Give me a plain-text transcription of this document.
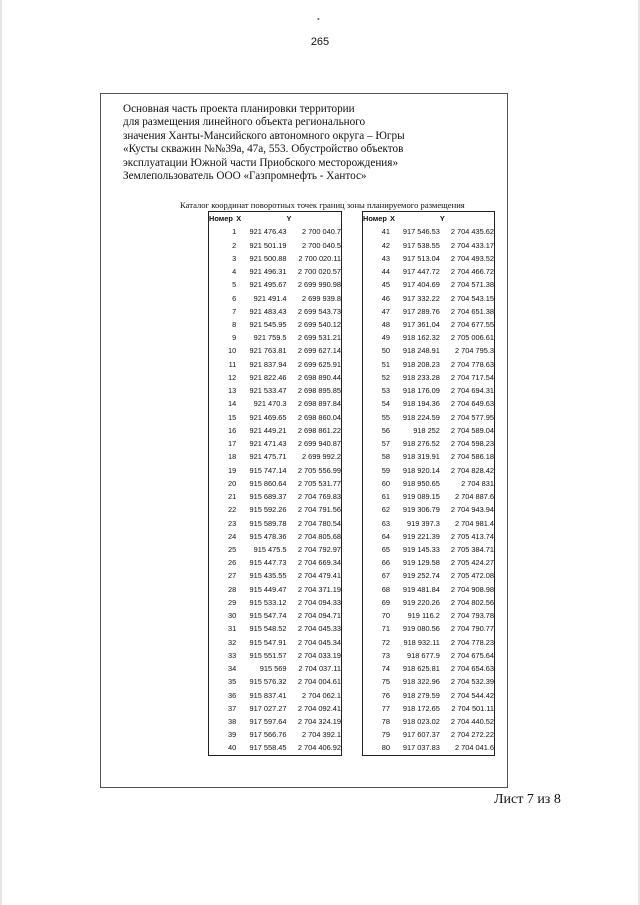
•
265
Основная часть проекта планировки территории
для размещения линейного объекта регионального
значения Ханты-Мансийского автономного округа – Югры
«Кусты скважин №№39а, 47а, 553. Обустройство объектов
эксплуатации Южной части Приобского месторождения»
Землепользователь ООО «Газпромнефть - Хантос»
Каталог координат поворотных точек границ зоны планируемого размещения
Номер	X	Y
1	921 476.43	2 700 040.7
2	921 501.19	2 700 040.5
3	921 500.88	2 700 020.11
4	921 496.31	2 700 020.57
5	921 495.67	2 699 990.98
6	921 491.4	2 699 939.8
7	921 483.43	2 699 543.73
8	921 545.95	2 699 540.12
9	921 759.5	2 699 531.21
10	921 763.81	2 699 627.14
11	921 837.94	2 699 625.91
12	921 822.46	2 698 890.44
13	921 533.47	2 698 895.85
14	921 470.3	2 698 897.84
15	921 469.65	2 698 860.04
16	921 449.21	2 698 861.22
17	921 471.43	2 699 940.87
18	921 475.71	2 699 992.2
19	915 747.14	2 705 556.99
20	915 860.64	2 705 531.77
21	915 689.37	2 704 769.83
22	915 592.26	2 704 791.56
23	915 589.78	2 704 780.54
24	915 478.36	2 704 805.68
25	915 475.5	2 704 792.97
26	915 447.73	2 704 669.34
27	915 435.55	2 704 479.41
28	915 449.47	2 704 371.19
29	915 533.12	2 704 094.33
30	915 547.74	2 704 094.71
31	915 548.52	2 704 045.33
32	915 547.91	2 704 045.34
33	915 551.57	2 704 033.19
34	915 569	2 704 037.11
35	915 576.32	2 704 004.61
36	915 837.41	2 704 062.1
37	917 027.27	2 704 092.41
38	917 597.64	2 704 324.19
39	917 566.76	2 704 392.1
40	917 558.45	2 704 406.92
Номер	X	Y
41	917 546.53	2 704 435.62
42	917 538.55	2 704 433.17
43	917 513.04	2 704 493.52
44	917 447.72	2 704 466.72
45	917 404.69	2 704 571.38
46	917 332.22	2 704 543.15
47	917 289.76	2 704 651.38
48	917 361.04	2 704 677.55
49	918 162.32	2 705 006.61
50	918 248.91	2 704 795.3
51	918 208.23	2 704 778.63
52	918 233.28	2 704 717.54
53	918 176.09	2 704 694.31
54	918 194.36	2 704 649.63
55	918 224.59	2 704 577.95
56	918 252	2 704 589.04
57	918 276.52	2 704 598.23
58	918 319.91	2 704 586.18
59	918 920.14	2 704 828.42
60	918 950.65	2 704 831
61	919 089.15	2 704 887.6
62	919 306.79	2 704 943.94
63	919 397.3	2 704 981.4
64	919 221.39	2 705 413.74
65	919 145.33	2 705 384.71
66	919 129.58	2 705 424.27
67	919 252.74	2 705 472.08
68	919 481.84	2 704 908.98
69	919 220.26	2 704 802.56
70	919 116.2	2 704 793.78
71	919 080.56	2 704 790.77
72	918 932.11	2 704 778.23
73	918 677.9	2 704 675.64
74	918 625.81	2 704 654.63
75	918 322.96	2 704 532.39
76	918 279.59	2 704 544.42
77	918 172.65	2 704 501.11
78	918 023.02	2 704 440.52
79	917 607.37	2 704 272.22
80	917 037.83	2 704 041.6
Лист 7 из 8
